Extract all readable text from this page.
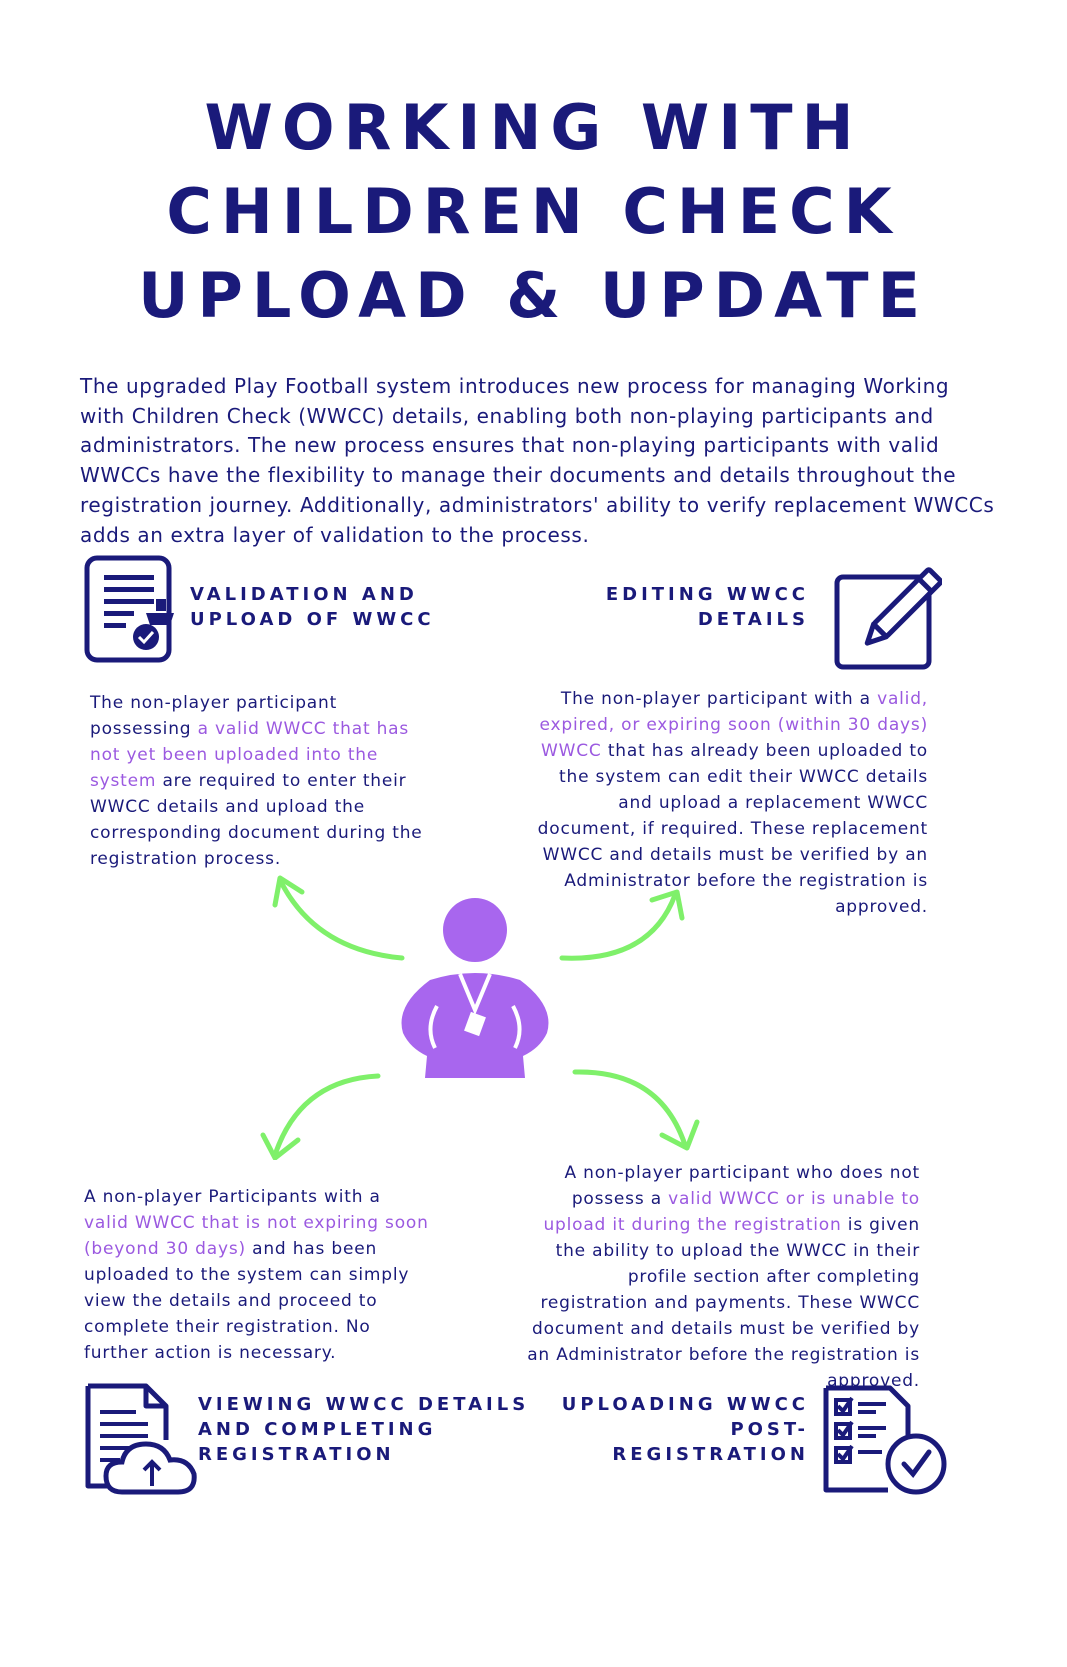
WORKING WITH
CHILDREN CHECK
UPLOAD & UPDATE
The upgraded Play Football system introduces new process for managing Working with Children Check (WWCC) details, enabling both non-playing participants and administrators. The new process ensures that non-playing participants with valid WWCCs have the flexibility to manage their documents and details throughout the registration journey. Additionally, administrators' ability to verify replacement WWCCs adds an extra layer of validation to the process.
VALIDATION AND
UPLOAD OF WWCC
The non-player participant possessing a valid WWCC that has not yet been uploaded into the system are required to enter their WWCC details and upload the corresponding document during the registration process.
EDITING WWCC
DETAILS
The non-player participant with a valid, expired, or expiring soon (within 30 days) WWCC that has already been uploaded to the system can edit their WWCC details and upload a replacement WWCC document, if required. These replacement WWCC and details must be verified by an Administrator before the registration is approved.
A non-player Participants with a valid WWCC that is not expiring soon (beyond 30 days) and has been uploaded to the system can simply view the details and proceed to complete their registration. No further action is necessary.
VIEWING WWCC DETAILS
AND COMPLETING
REGISTRATION
A non-player participant who does not possess a valid WWCC or is unable to upload it during the registration is given the ability to upload the WWCC in their profile section after completing registration and payments. These WWCC document and details must be verified by an Administrator before the registration is approved.
UPLOADING WWCC
POST-
REGISTRATION
